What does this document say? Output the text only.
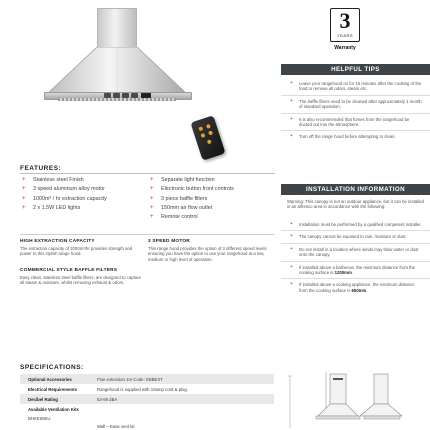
3
YEARS
Warranty
HELPFUL TIPS
+ Leave your rangehood on for 15 minutes after the cooking of the food to remove all odors, steam etc.
+ The baffle filters need to be cleaned after approximately 1 month of standard operation.
+ It is also recommended that fumes from the rangehood be ducted out into the atmosphere.
+ Turn off the range hood before attempting to clean.
INSTALLATION INFORMATION
Warning: This canopy is not an outdoor appliance, but it can be installed in an alfresco area in accordance with the following:
+ Installation must be performed by a qualified competent installer.
+ The canopy cannot be exposed to rain, moisture or dust.
+ Do not install in a location where winds may blow water or dust onto the canopy.
+ If installed above a barbecue, the minimum distance from the cooking surface is 1200mm.
+ If installed above a cooking appliance, the minimum distance from the cooking surface is 650mm.
FEATURES:
+ Stainless steel Finish
+ 3 speed aluminum alloy motor
+ 1000m³ / hr extraction capacity
+ 2 x 1.5W LED lights
+ Separate light function
+ Electronic button front controls
+ 3 piece baffle filters
+ 150mm air flow outlet
+ Remote control
HIGH EXTRACTION CAPACITY
The extraction capacity of 1000m³/hr provides strength and power to this stylish range hood.
COMMERCIAL STYLE BAFFLE FILTERS
Easy clean, stainless steel baffle filters, are designed to capture all steam & moisture, whilst removing exhaust & odors.
3 SPEED MOTOR
This range hood provides the option of 3 different speed levels ensuring you have the option to use your rangehood at a low, medium or high level of operation.
SPECIFICATIONS:
Optional Accessories	Flue extension 1m Code: EBBEXT
Electrical Requirements	Rangehood is supplied with 10amp cord & plug.
Decibel Rating	53-66 dBA
Available Ventilation Kits	
BHKE65EU
Wall – Ease vent kit
